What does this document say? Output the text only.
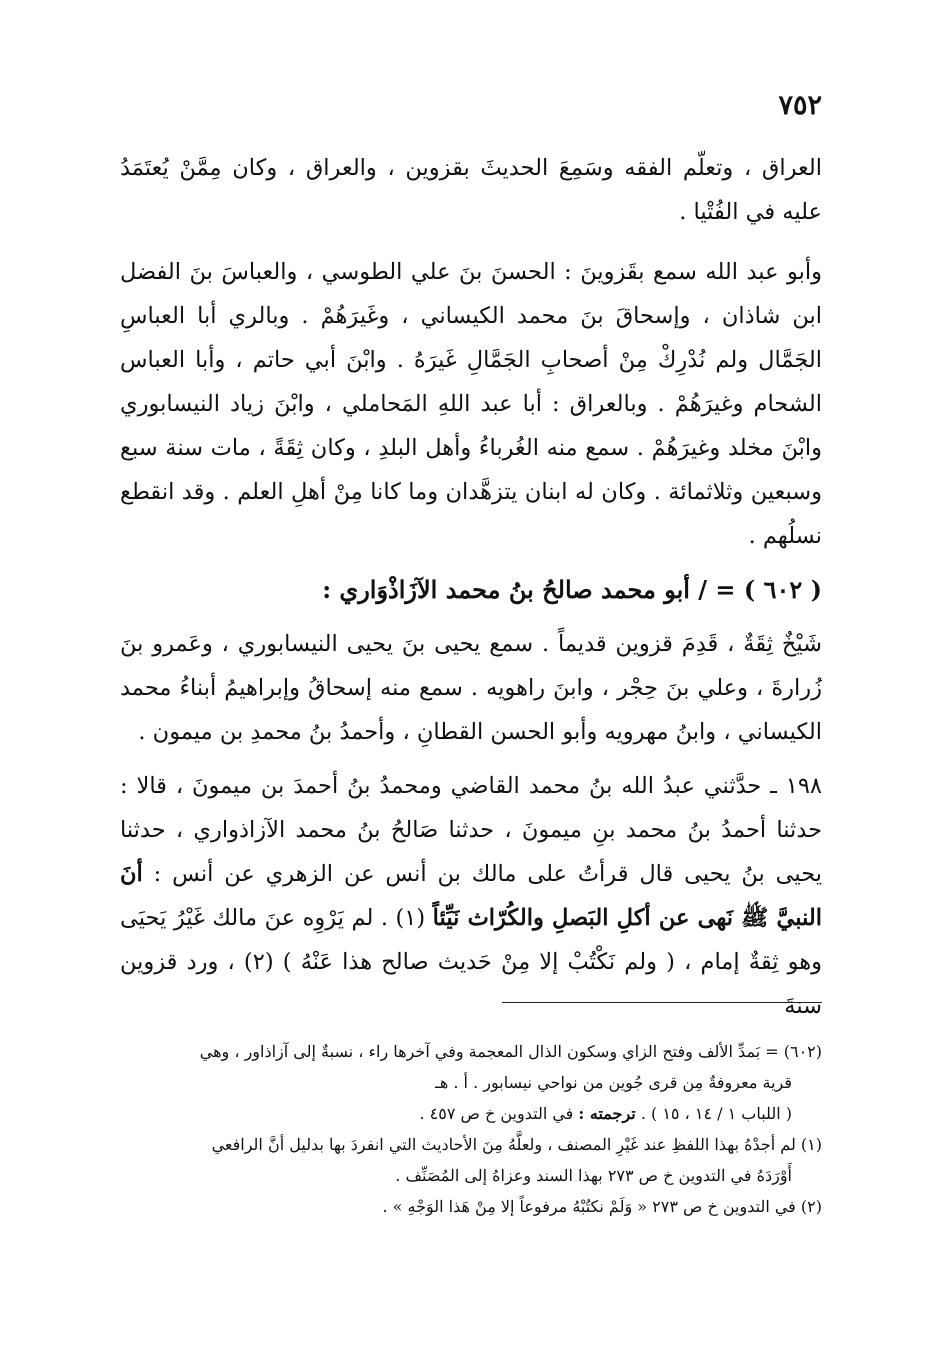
٧٥٢

العراق ، وتعلّم الفقه وسَمِعَ الحديثَ بقزوين ، والعراق ، وكان مِمَّنْ يُعتَمَدُ عليه في الفُتْيا .

وأبو عبد الله سمع بقَزوينَ : الحسنَ بنَ علي الطوسي ، والعباسَ بنَ الفضل ابن شاذان ، وإسحاقَ بنَ محمد الكيساني ، وغَيرَهُمْ . وبالري أبا العباسِ الجَمَّال ولم نُدْرِكْ مِنْ أصحابِ الجَمَّالِ غَيرَهُ . وابْنَ أبي حاتم ، وأبا العباس الشحام وغيرَهُمْ . وبالعراق : أبا عبد اللهِ المَحاملي ، وابْنَ زياد النيسابوري وابْنَ مخلد وغيرَهُمْ . سمع منه الغُرباءُ وأهل البلدِ ، وكان ثِقَةً ، مات سنة سبع وسبعين وثلاثمائة . وكان له ابنان يتزهَّدان وما كانا مِنْ أهلِ العلم . وقد انقطع نسلُهم .

( ٦٠٢ ) = / أبو محمد صالحُ بنُ محمد الآزَاذْوَاري :

شَيْخٌ ثِقَةٌ ، قَدِمَ قزوين قديماً . سمع يحيى بنَ يحيى النيسابوري ، وعَمرو بنَ زُرارةَ ، وعلي بنَ حِجْر ، وابنَ راهويه . سمع منه إسحاقُ وإبراهيمُ أبناءُ محمد الكيساني ، وابنُ مهرويه وأبو الحسن القطانِ ، وأحمدُ بنُ محمدِ بن ميمون .

١٩٨ ـ حدَّثني عبدُ الله بنُ محمد القاضي ومحمدُ بنُ أحمدَ بن ميمونَ ، قالا : حدثنا أحمدُ بنُ محمد بنِ ميمونَ ، حدثنا صَالحُ بنُ محمد الآزاذواري ، حدثنا يحيى بنُ يحيى قال قرأتُ على مالك بن أنس عن الزهري عن أنس : أنَ النبيَّ ﷺ نَهى عن أكلِ البَصلِ والكُرّاث نَيِّئاً (١) . لم يَرْوِه عنَ مالك غَيْرُ يَحيَى وهو ثِقةٌ إمام ، ( ولم نَكْتُبْ إلا مِنْ حَديث صالح هذا عَنْهُ ) (٢) ، ورد قزوين سنةَ

(٦٠٢) = بَمدِّ الألف وفتح الزاي وسكون الذال المعجمة وفي آخرها راء ، نسبةٌ إلى آزاذاور ، وهي

قرية معروفةٌ مِن قرى جُوين من نواحي نيسابور . أ . هـ

( اللباب ١ / ١٤ ، ١٥ ) . ترجمته : في التدوين خ ص ٤٥٧ .

(١) لم أجدْهُ بهذا اللفظِ عند غَيْرِ المصنف ، ولعلَّهُ مِنَ الأحاديث التي انفردَ بها بدليل أنَّ الرافعي

أَوْرَدَهُ في التدوين خ ص ٢٧٣ بهذا السند وعزاهُ إلى المُصَنِّف .

(٢) في التدوين خ ص ٢٧٣ « وَلَمْ نكتُبْهُ مرفوعاً إلا مِنْ هَذا الوَجْهِ » .
